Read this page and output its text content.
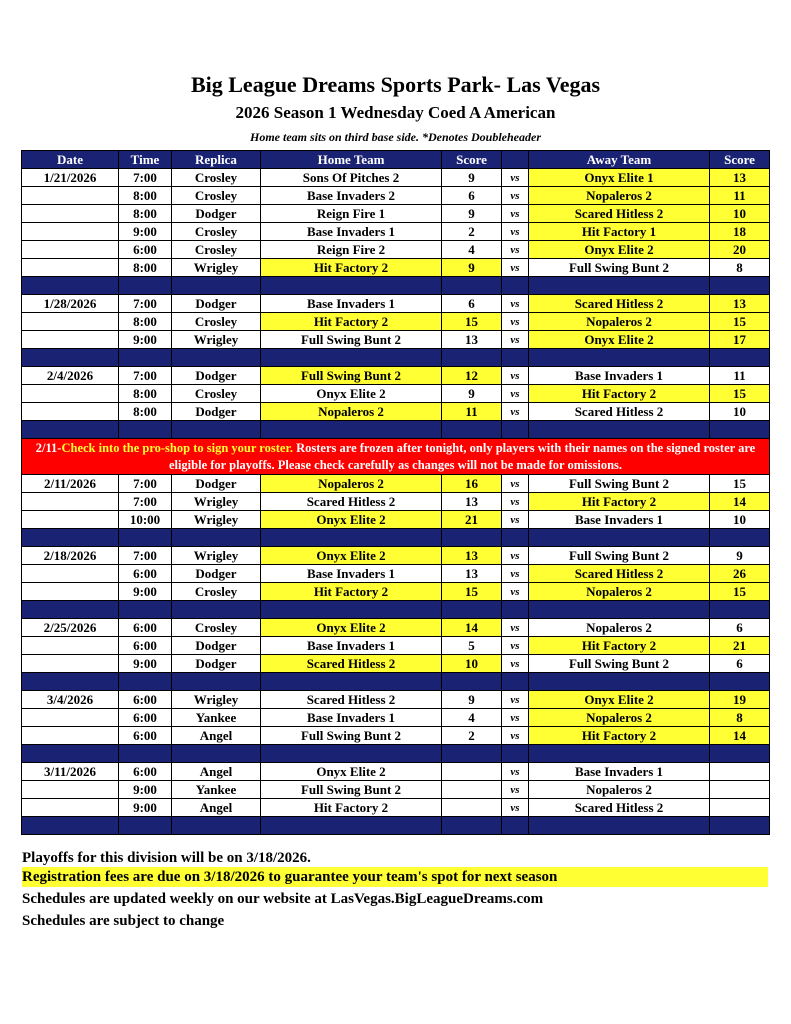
Big League Dreams Sports Park- Las Vegas
2026 Season 1 Wednesday Coed A American
Home team sits on third base side. *Denotes Doubleheader
Date	Time	Replica	Home Team	Score		Away Team	Score
1/21/2026	7:00	Crosley	Sons Of Pitches 2	9	vs	Onyx Elite 1	13
	8:00	Crosley	Base Invaders 2	6	vs	Nopaleros 2	11
	8:00	Dodger	Reign Fire 1	9	vs	Scared Hitless 2	10
	9:00	Crosley	Base Invaders 1	2	vs	Hit Factory 1	18
	6:00	Crosley	Reign Fire 2	4	vs	Onyx Elite 2	20
	8:00	Wrigley	Hit Factory 2	9	vs	Full Swing Bunt 2	8

1/28/2026	7:00	Dodger	Base Invaders 1	6	vs	Scared Hitless 2	13
	8:00	Crosley	Hit Factory 2	15	vs	Nopaleros 2	15
	9:00	Wrigley	Full Swing Bunt 2	13	vs	Onyx Elite 2	17

2/4/2026	7:00	Dodger	Full Swing Bunt 2	12	vs	Base Invaders 1	11
	8:00	Crosley	Onyx Elite 2	9	vs	Hit Factory 2	15
	8:00	Dodger	Nopaleros 2	11	vs	Scared Hitless 2	10

2/11-Check into the pro-shop to sign your roster. Rosters are frozen after tonight, only players with their names on the signed roster are eligible for playoffs. Please check carefully as changes will not be made for omissions.							
2/11/2026	7:00	Dodger	Nopaleros 2	16	vs	Full Swing Bunt 2	15
	7:00	Wrigley	Scared Hitless 2	13	vs	Hit Factory 2	14
	10:00	Wrigley	Onyx Elite 2	21	vs	Base Invaders 1	10

2/18/2026	7:00	Wrigley	Onyx Elite 2	13	vs	Full Swing Bunt 2	9
	6:00	Dodger	Base Invaders 1	13	vs	Scared Hitless 2	26
	9:00	Crosley	Hit Factory 2	15	vs	Nopaleros 2	15

2/25/2026	6:00	Crosley	Onyx Elite 2	14	vs	Nopaleros 2	6
	6:00	Dodger	Base Invaders 1	5	vs	Hit Factory 2	21
	9:00	Dodger	Scared Hitless 2	10	vs	Full Swing Bunt 2	6

3/4/2026	6:00	Wrigley	Scared Hitless 2	9	vs	Onyx Elite 2	19
	6:00	Yankee	Base Invaders 1	4	vs	Nopaleros 2	8
	6:00	Angel	Full Swing Bunt 2	2	vs	Hit Factory 2	14

3/11/2026	6:00	Angel	Onyx Elite 2		vs	Base Invaders 1	
	9:00	Yankee	Full Swing Bunt 2		vs	Nopaleros 2	
	9:00	Angel	Hit Factory 2		vs	Scared Hitless 2	

Playoffs for this division will be on 3/18/2026.
Registration fees are due on 3/18/2026 to guarantee your team's spot for next season
Schedules are updated weekly on our website at LasVegas.BigLeagueDreams.com
Schedules are subject to change
